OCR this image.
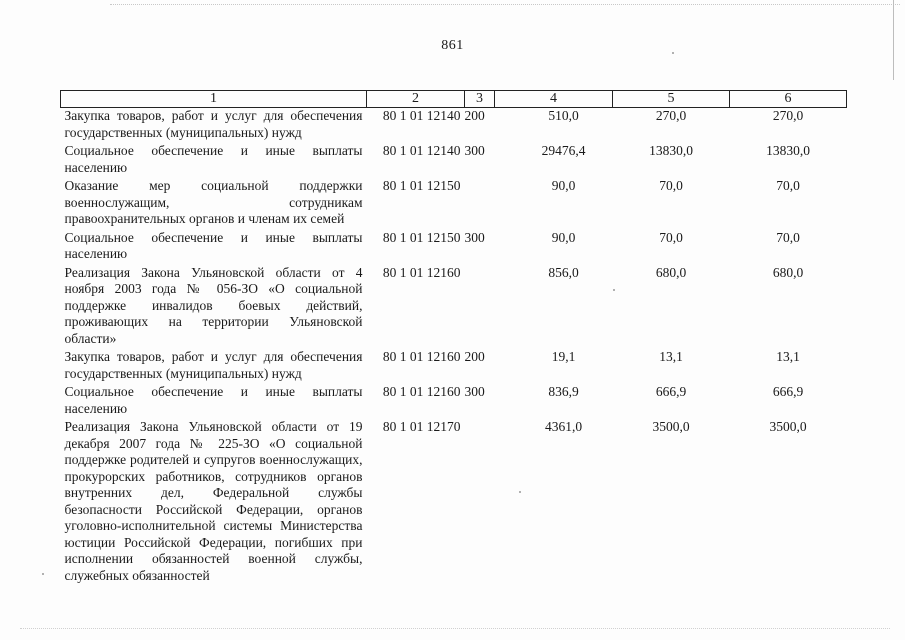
861
1	2	3	4	5	6
Закупка товаров, работ и услуг для обеспечения государственных (муниципальных) нужд	80 1 01 12140	200	510,0	270,0	270,0
Социальное обеспечение и иные выплаты населению	80 1 01 12140	300	29476,4	13830,0	13830,0
Оказание мер социальной поддержки военнослужащим, сотрудникам правоохранительных органов и членам их семей	80 1 01 12150		90,0	70,0	70,0
Социальное обеспечение и иные выплаты населению	80 1 01 12150	300	90,0	70,0	70,0
Реализация Закона Ульяновской области от 4 ноября 2003 года № 056-ЗО «О социальной поддержке инвалидов боевых действий, проживающих на территории Ульяновской области»	80 1 01 12160		856,0	680,0	680,0
Закупка товаров, работ и услуг для обеспечения государственных (муниципальных) нужд	80 1 01 12160	200	19,1	13,1	13,1
Социальное обеспечение и иные выплаты населению	80 1 01 12160	300	836,9	666,9	666,9
Реализация Закона Ульяновской области от 19 декабря 2007 года № 225-ЗО «О социальной поддержке родителей и супругов военнослужащих, прокурорских работников, сотрудников органов внутренних дел, Федеральной службы безопасности Российской Федерации, органов уголовно-исполнительной системы Министерства юстиции Российской Федерации, погибших при исполнении обязанностей военной службы, служебных обязанностей	80 1 01 12170		4361,0	3500,0	3500,0
